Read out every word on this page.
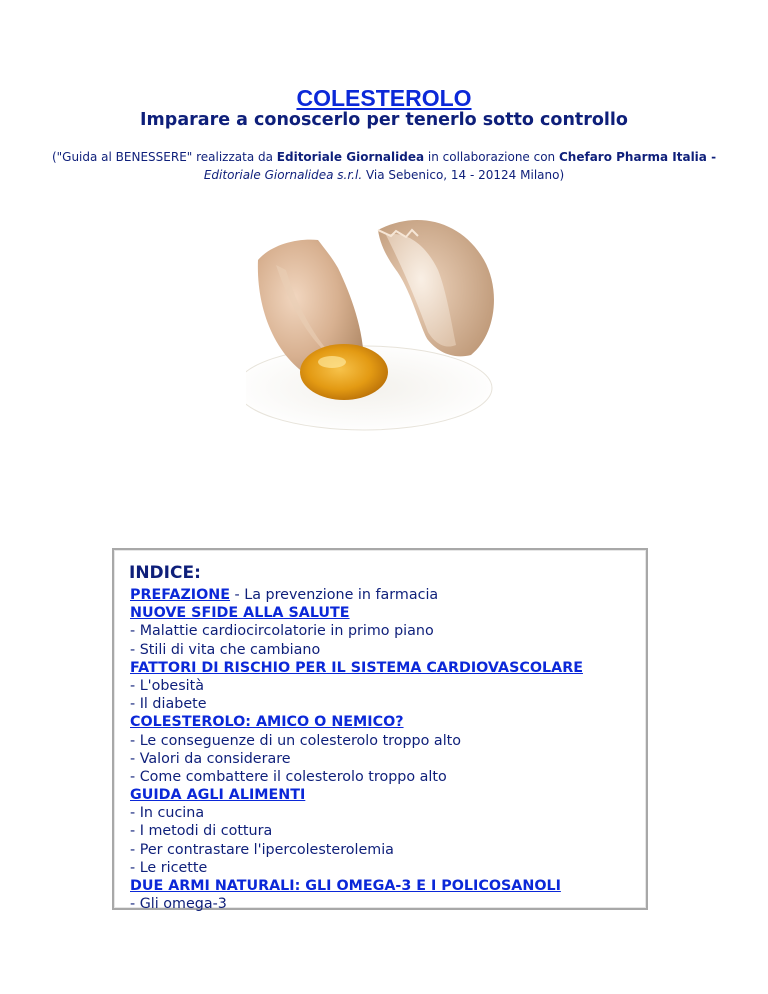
COLESTEROLO
Imparare a conoscerlo per tenerlo sotto controllo
("Guida al BENESSERE" realizzata da Editoriale Giornalidea in collaborazione con Chefaro Pharma Italia - Editoriale Giornalidea s.r.l. Via Sebenico, 14 - 20124 Milano)
INDICE:
PREFAZIONE - La prevenzione in farmacia
NUOVE SFIDE ALLA SALUTE
- Malattie cardiocircolatorie in primo piano
- Stili di vita che cambiano
FATTORI DI RISCHIO PER IL SISTEMA CARDIOVASCOLARE
- L'obesità
- Il diabete
COLESTEROLO: AMICO O NEMICO?
- Le conseguenze di un colesterolo troppo alto
- Valori da considerare
- Come combattere il colesterolo troppo alto
GUIDA AGLI ALIMENTI
- In cucina
- I metodi di cottura
- Per contrastare l'ipercolesterolemia
- Le ricette
DUE ARMI NATURALI: GLI OMEGA-3 E I POLICOSANOLI
- Gli omega-3
